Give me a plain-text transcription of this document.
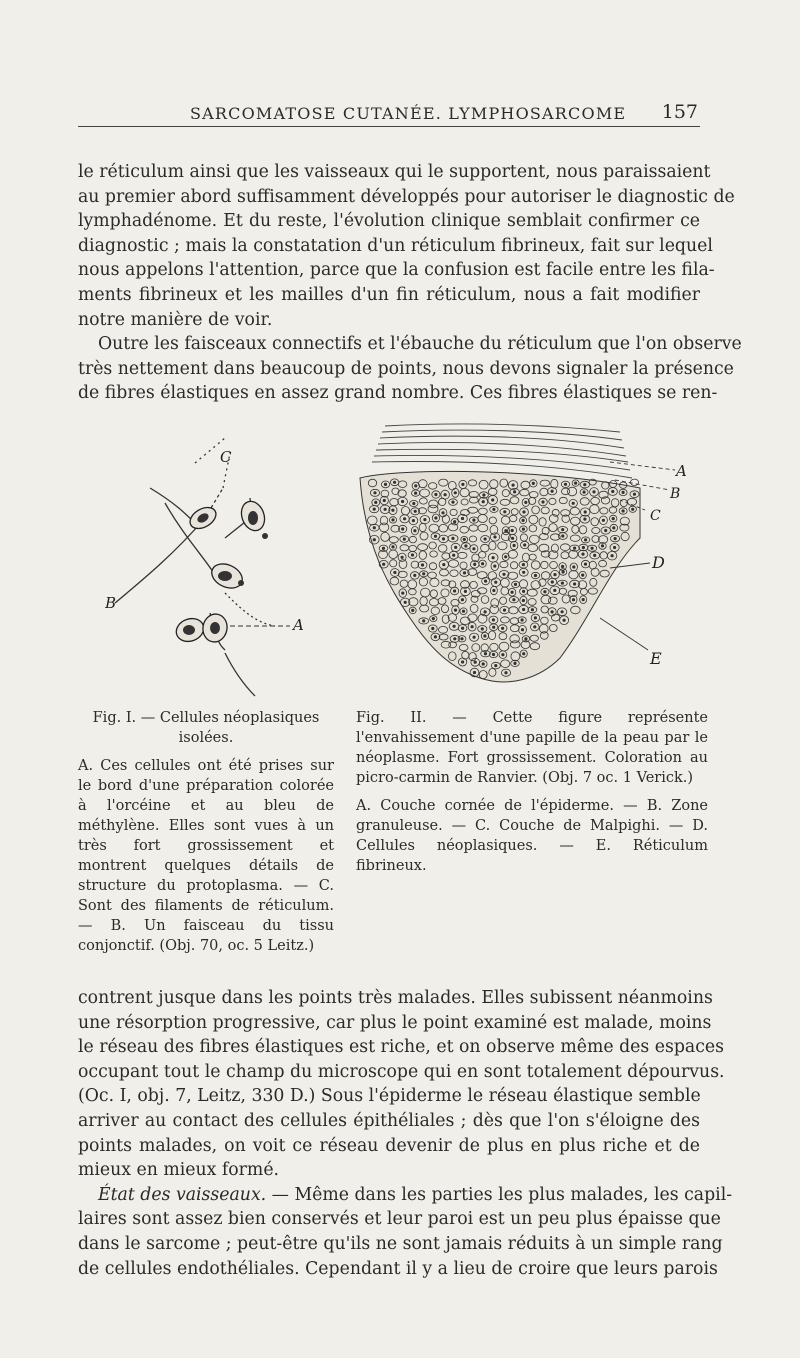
SARCOMATOSE CUTANÉE. LYMPHOSARCOME 157
le réticulum ainsi que les vaisseaux qui le supportent, nous paraissaient
au premier abord suffisamment développés pour autoriser le diagnostic de
lymphadénome. Et du reste, l'évolution clinique semblait confirmer ce
diagnostic ; mais la constatation d'un réticulum fibrineux, fait sur lequel
nous appelons l'attention, parce que la confusion est facile entre les fila-
ments fibrineux et les mailles d'un fin réticulum, nous a fait modifier
notre manière de voir.
Outre les faisceaux connectifs et l'ébauche du réticulum que l'on observe
très nettement dans beaucoup de points, nous devons signaler la présence
de fibres élastiques en assez grand nombre. Ces fibres élastiques se ren-
B
A
C
A
B
C
D
E

Fig. I. — Cellules néoplasiques isolées.

A. Ces cellules ont été prises sur le bord d'une préparation colorée à l'orcéine et au bleu de méthylène. Elles sont vues à un très fort grossissement et montrent quelques détails de structure du protoplasma. — C. Sont des filaments de réticulum. — B. Un faisceau du tissu conjonctif. (Obj. 70, oc. 5 Leitz.)

Fig. II. — Cette figure représente l'envahissement d'une papille de la peau par le néoplasme. Fort grossissement. Coloration au picro-carmin de Ranvier. (Obj. 7 oc. 1 Verick.)

A. Couche cornée de l'épiderme. — B. Zone granuleuse. — C. Couche de Malpighi. — D. Cellules néoplasiques. — E. Réticulum fibrineux.

contrent jusque dans les points très malades. Elles subissent néanmoins
une résorption progressive, car plus le point examiné est malade, moins
le réseau des fibres élastiques est riche, et on observe même des espaces
occupant tout le champ du microscope qui en sont totalement dépourvus.
(Oc. I, obj. 7, Leitz, 330 D.) Sous l'épiderme le réseau élastique semble
arriver au contact des cellules épithéliales ; dès que l'on s'éloigne des
points malades, on voit ce réseau devenir de plus en plus riche et de
mieux en mieux formé.
État des vaisseaux. — Même dans les parties les plus malades, les capil-
laires sont assez bien conservés et leur paroi est un peu plus épaisse que
dans le sarcome ; peut-être qu'ils ne sont jamais réduits à un simple rang
de cellules endothéliales. Cependant il y a lieu de croire que leurs parois
